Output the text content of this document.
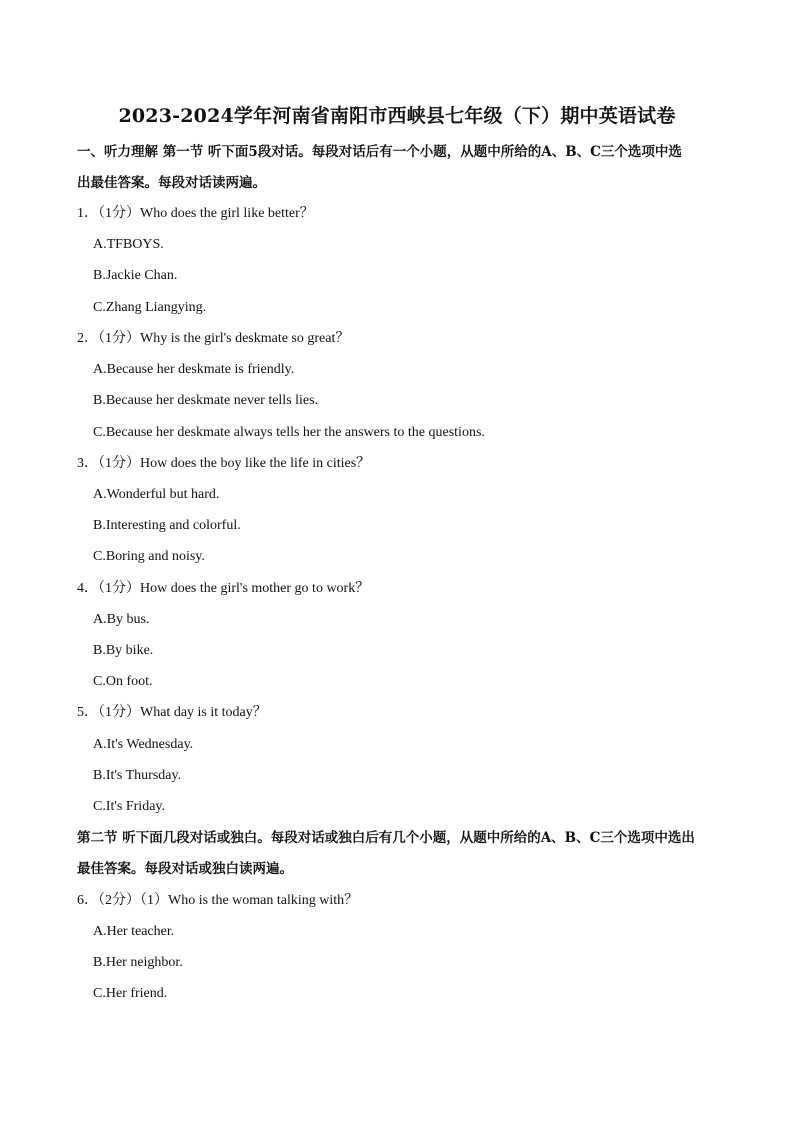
2023-2024学年河南省南阳市西峡县七年级（下）期中英语试卷
一、听力理解 第一节 听下面5段对话。每段对话后有一个小题，从题中所给的A、B、C三个选项中选
出最佳答案。每段对话读两遍。
1．（1分）Who does the girl like better？
A.TFBOYS.
B.Jackie Chan.
C.Zhang Liangying.
2．（1分）Why is the girl's deskmate so great？
A.Because her deskmate is friendly.
B.Because her deskmate never tells lies.
C.Because her deskmate always tells her the answers to the questions.
3．（1分）How does the boy like the life in cities？
A.Wonderful but hard.
B.Interesting and colorful.
C.Boring and noisy.
4．（1分）How does the girl's mother go to work？
A.By bus.
B.By bike.
C.On foot.
5．（1分）What day is it today？
A.It's Wednesday.
B.It's Thursday.
C.It's Friday.
第二节 听下面几段对话或独白。每段对话或独白后有几个小题，从题中所给的A、B、C三个选项中选出
最佳答案。每段对话或独白读两遍。
6．（2分）（1）Who is the woman talking with？
A.Her teacher.
B.Her neighbor.
C.Her friend.
